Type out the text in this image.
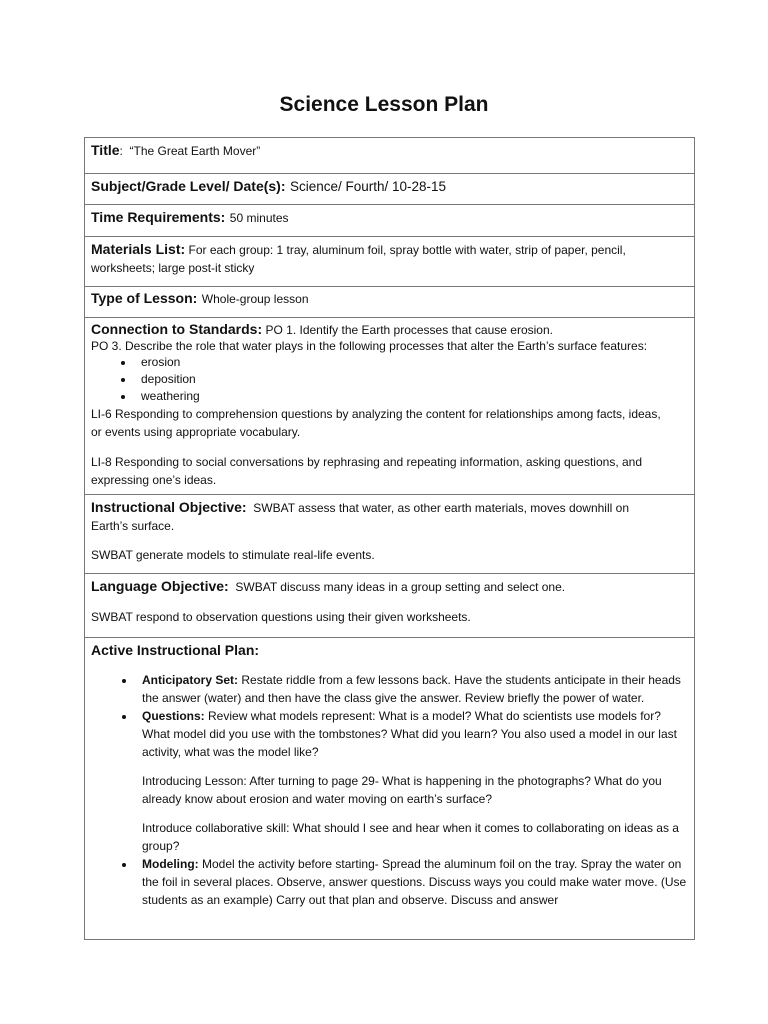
Science Lesson Plan
Title:  “The Great Earth Mover”
Subject/Grade Level/ Date(s): Science/ Fourth/ 10-28-15
Time Requirements: 50 minutes

Materials List: For each group: 1 tray, aluminum foil, spray bottle with water, strip of paper, pencil,
worksheets; large post-it sticky

Type of Lesson: Whole-group lesson

Connection to Standards: PO 1. Identify the Earth processes that cause erosion.
PO 3. Describe the role that water plays in the following processes that alter the Earth’s surface features:
• erosion
• deposition
• weathering
LI-6 Responding to comprehension questions by analyzing the content for relationships among facts, ideas,
or events using appropriate vocabulary.
LI-8 Responding to social conversations by rephrasing and repeating information, asking questions, and
expressing one’s ideas.

Instructional Objective: SWBAT assess that water, as other earth materials, moves downhill on
Earth’s surface.
SWBAT generate models to stimulate real-life events.

Language Objective: SWBAT discuss many ideas in a group setting and select one.
SWBAT respond to observation questions using their given worksheets.

Active Instructional Plan:
• Anticipatory Set: Restate riddle from a few lessons back. Have the students anticipate in their heads the answer (water) and then have the class give the answer. Review briefly the power of water.
• Questions: Review what models represent: What is a model? What do scientists use models for? What model did you use with the tombstones? What did you learn? You also used a model in our last activity, what was the model like?
Introducing Lesson: After turning to page 29- What is happening in the photographs? What do you already know about erosion and water moving on earth’s surface?
Introduce collaborative skill: What should I see and hear when it comes to collaborating on ideas as a group?
• Modeling: Model the activity before starting- Spread the aluminum foil on the tray. Spray the water on the foil in several places. Observe, answer questions. Discuss ways you could make water move. (Use students as an example) Carry out that plan and observe. Discuss and answer
